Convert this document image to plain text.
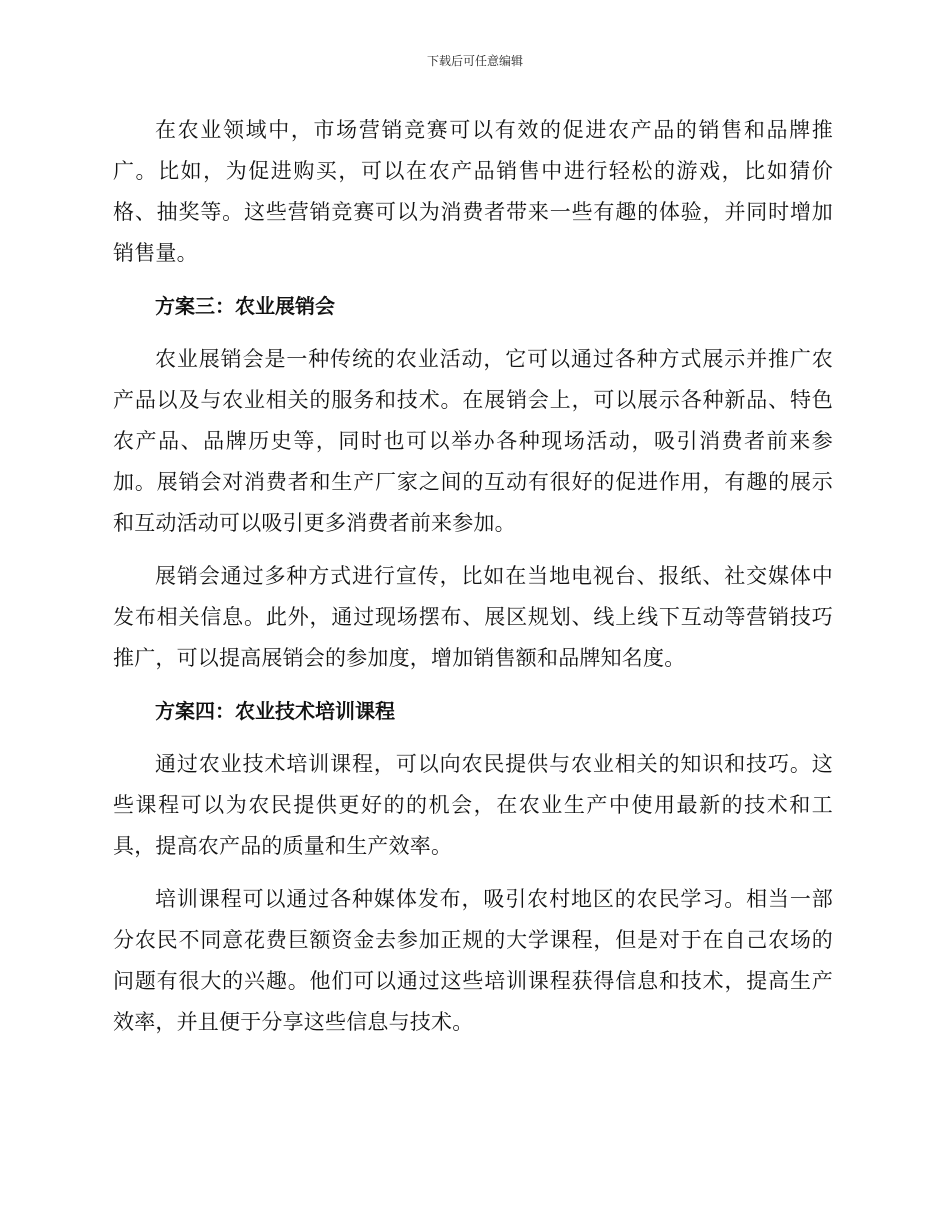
下载后可任意编辑

在农业领域中，市场营销竞赛可以有效的促进农产品的销售和品牌推广。比如，为促进购买，可以在农产品销售中进行轻松的游戏，比如猜价格、抽奖等。这些营销竞赛可以为消费者带来一些有趣的体验，并同时增加销售量。

方案三：农业展销会

农业展销会是一种传统的农业活动，它可以通过各种方式展示并推广农产品以及与农业相关的服务和技术。在展销会上，可以展示各种新品、特色农产品、品牌历史等，同时也可以举办各种现场活动，吸引消费者前来参加。展销会对消费者和生产厂家之间的互动有很好的促进作用，有趣的展示和互动活动可以吸引更多消费者前来参加。

展销会通过多种方式进行宣传，比如在当地电视台、报纸、社交媒体中发布相关信息。此外，通过现场摆布、展区规划、线上线下互动等营销技巧推广，可以提高展销会的参加度，增加销售额和品牌知名度。

方案四：农业技术培训课程

通过农业技术培训课程，可以向农民提供与农业相关的知识和技巧。这些课程可以为农民提供更好的的机会，在农业生产中使用最新的技术和工具，提高农产品的质量和生产效率。

培训课程可以通过各种媒体发布，吸引农村地区的农民学习。相当一部分农民不同意花费巨额资金去参加正规的大学课程，但是对于在自己农场的问题有很大的兴趣。他们可以通过这些培训课程获得信息和技术，提高生产效率，并且便于分享这些信息与技术。
